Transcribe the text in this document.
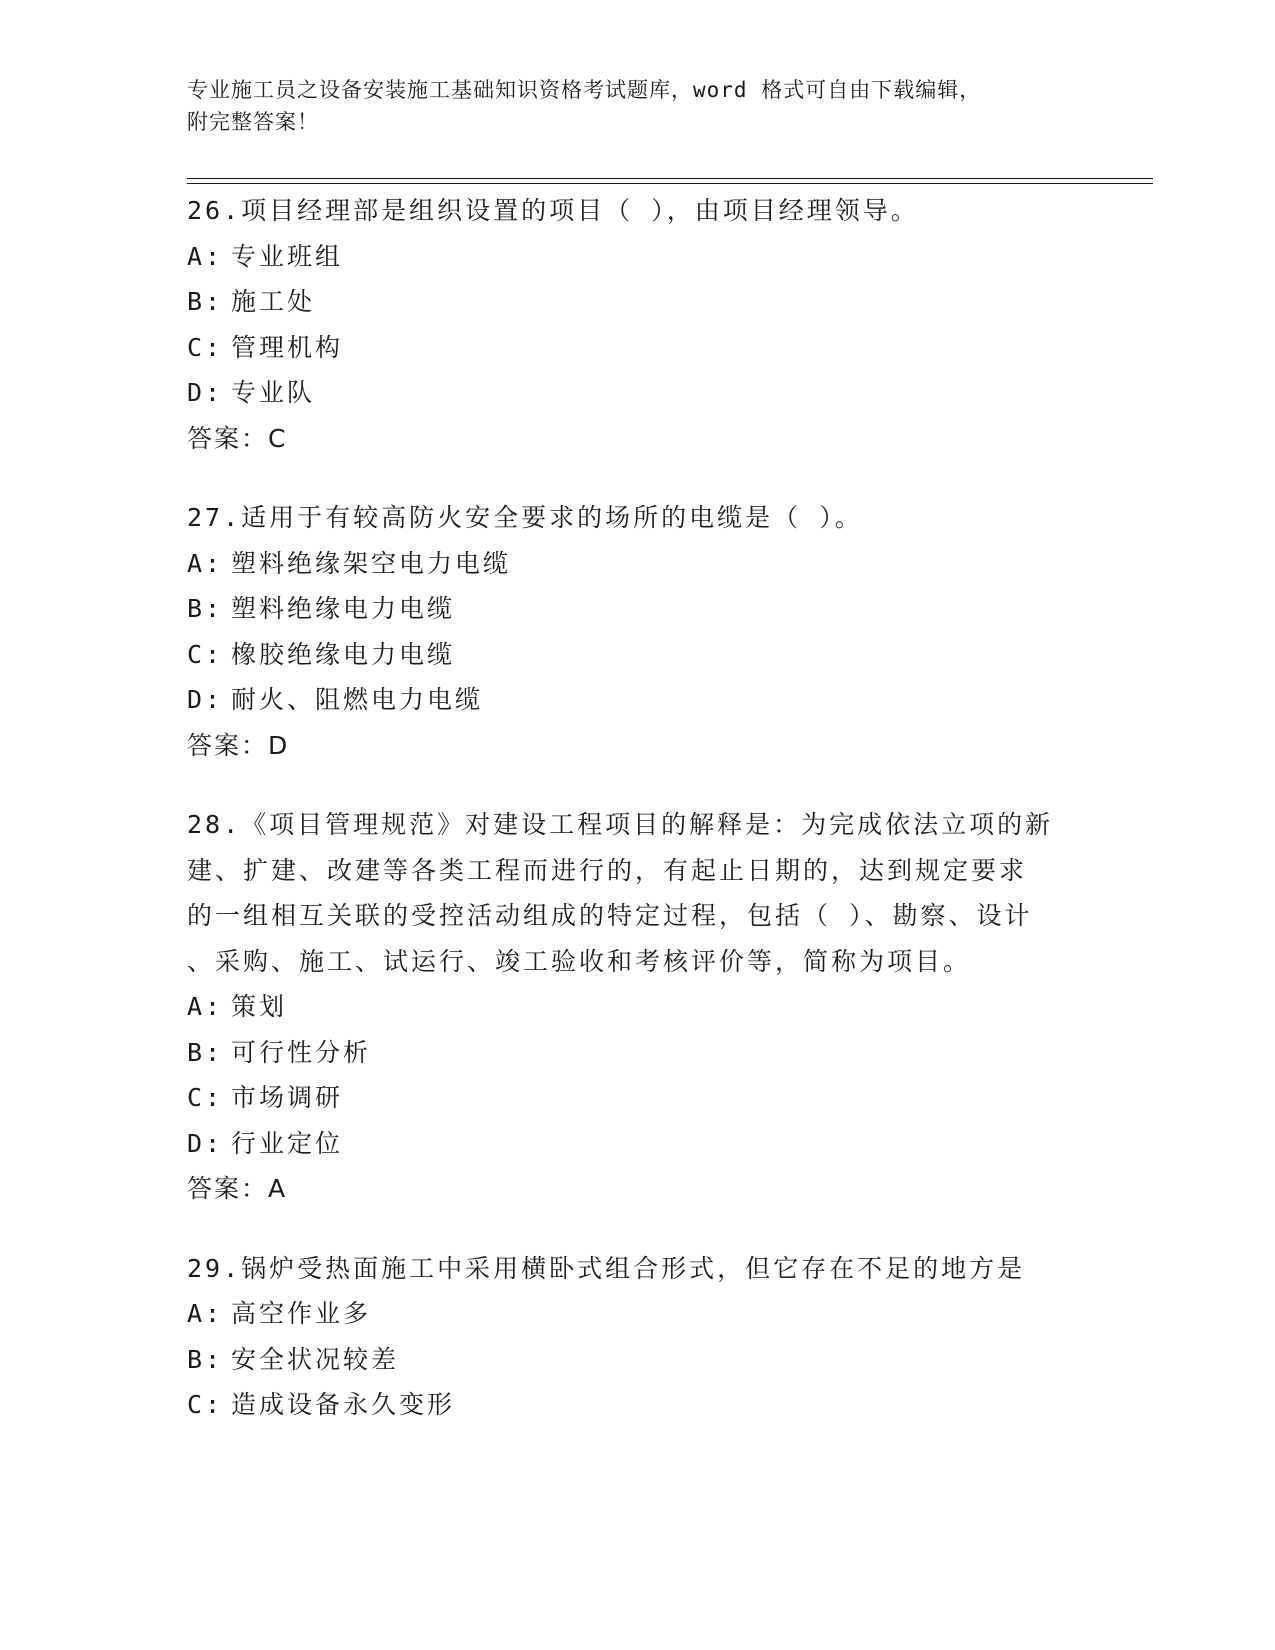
专业施工员之设备安装施工基础知识资格考试题库，word 格式可自由下载编辑，
附完整答案！
26.项目经理部是组织设置的项目（ ），由项目经理领导。
A: 专业班组
B: 施工处
C: 管理机构
D: 专业队
答案：C
27.适用于有较高防火安全要求的场所的电缆是（ ）。
A: 塑料绝缘架空电力电缆
B: 塑料绝缘电力电缆
C: 橡胶绝缘电力电缆
D: 耐火、阻燃电力电缆
答案：D
28.《项目管理规范》对建设工程项目的解释是：为完成依法立项的新
建、扩建、改建等各类工程而进行的，有起止日期的，达到规定要求
的一组相互关联的受控活动组成的特定过程，包括（ ）、勘察、设计
、采购、施工、试运行、竣工验收和考核评价等，简称为项目。
A: 策划
B: 可行性分析
C: 市场调研
D: 行业定位
答案：A
29.锅炉受热面施工中采用横卧式组合形式，但它存在不足的地方是
A: 高空作业多
B: 安全状况较差
C: 造成设备永久变形
